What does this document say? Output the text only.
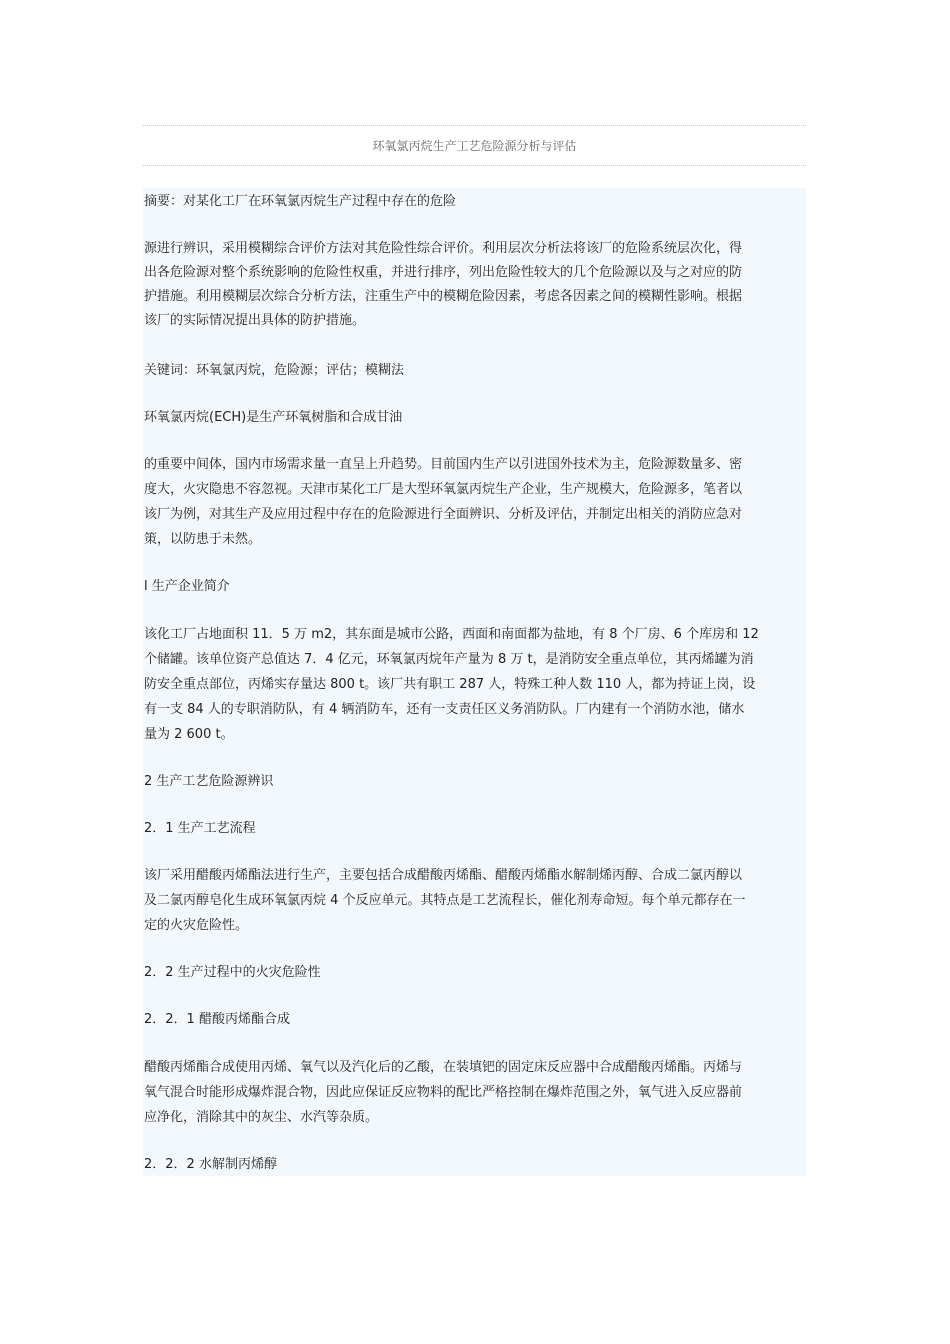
环氧氯丙烷生产工艺危险源分析与评估

摘要：对某化工厂在环氧氯丙烷生产过程中存在的危险

源进行辨识，采用模糊综合评价方法对其危险性综合评价。利用层次分析法将该厂的危险系统层次化，得

出各危险源对整个系统影响的危险性权重，并进行排序，列出危险性较大的几个危险源以及与之对应的防

护措施。利用模糊层次综合分析方法，注重生产中的模糊危险因素，考虑各因素之间的模糊性影响。根据

该厂的实际情况提出具体的防护措施。

关键词：环氧氯丙烷，危险源；评估；模糊法

环氧氯丙烷(ECH)是生产环氧树脂和合成甘油

的重要中间体，国内市场需求量一直呈上升趋势。目前国内生产以引进国外技术为主，危险源数量多、密

度大，火灾隐患不容忽视。天津市某化工厂是大型环氧氯丙烷生产企业，生产规模大，危险源多，笔者以

该厂为例，对其生产及应用过程中存在的危险源进行全面辨识、分析及评估，并制定出相关的消防应急对

策，以防患于未然。

l 生产企业简介

该化工厂占地面积 11．5 万 m2，其东面是城市公路，西面和南面都为盐地，有 8 个厂房、6 个库房和 12

个储罐。该单位资产总值达 7．4 亿元，环氧氯丙烷年产量为 8 万 t，是消防安全重点单位，其丙烯罐为消

防安全重点部位，丙烯实存量达 800 t。该厂共有职工 287 人，特殊工种人数 110 人，都为持证上岗，设

有一支 84 人的专职消防队，有 4 辆消防车，还有一支责任区义务消防队。厂内建有一个消防水池，储水

量为 2 600 t。

2 生产工艺危险源辨识

2．1 生产工艺流程

该厂采用醋酸丙烯酯法进行生产，主要包括合成醋酸丙烯酯、醋酸丙烯酯水解制烯丙醇、合成二氯丙醇以

及二氯丙醇皂化生成环氧氯丙烷 4 个反应单元。其特点是工艺流程长，催化剂寿命短。每个单元都存在一

定的火灾危险性。

2．2 生产过程中的火灾危险性

2．2．1 醋酸丙烯酯合成

醋酸丙烯酯合成使用丙烯、氧气以及汽化后的乙酸，在装填钯的固定床反应器中合成醋酸丙烯酯。丙烯与

氧气混合时能形成爆炸混合物，因此应保证反应物料的配比严格控制在爆炸范围之外，氧气进入反应器前

应净化，消除其中的灰尘、水汽等杂质。

2．2．2 水解制丙烯醇
